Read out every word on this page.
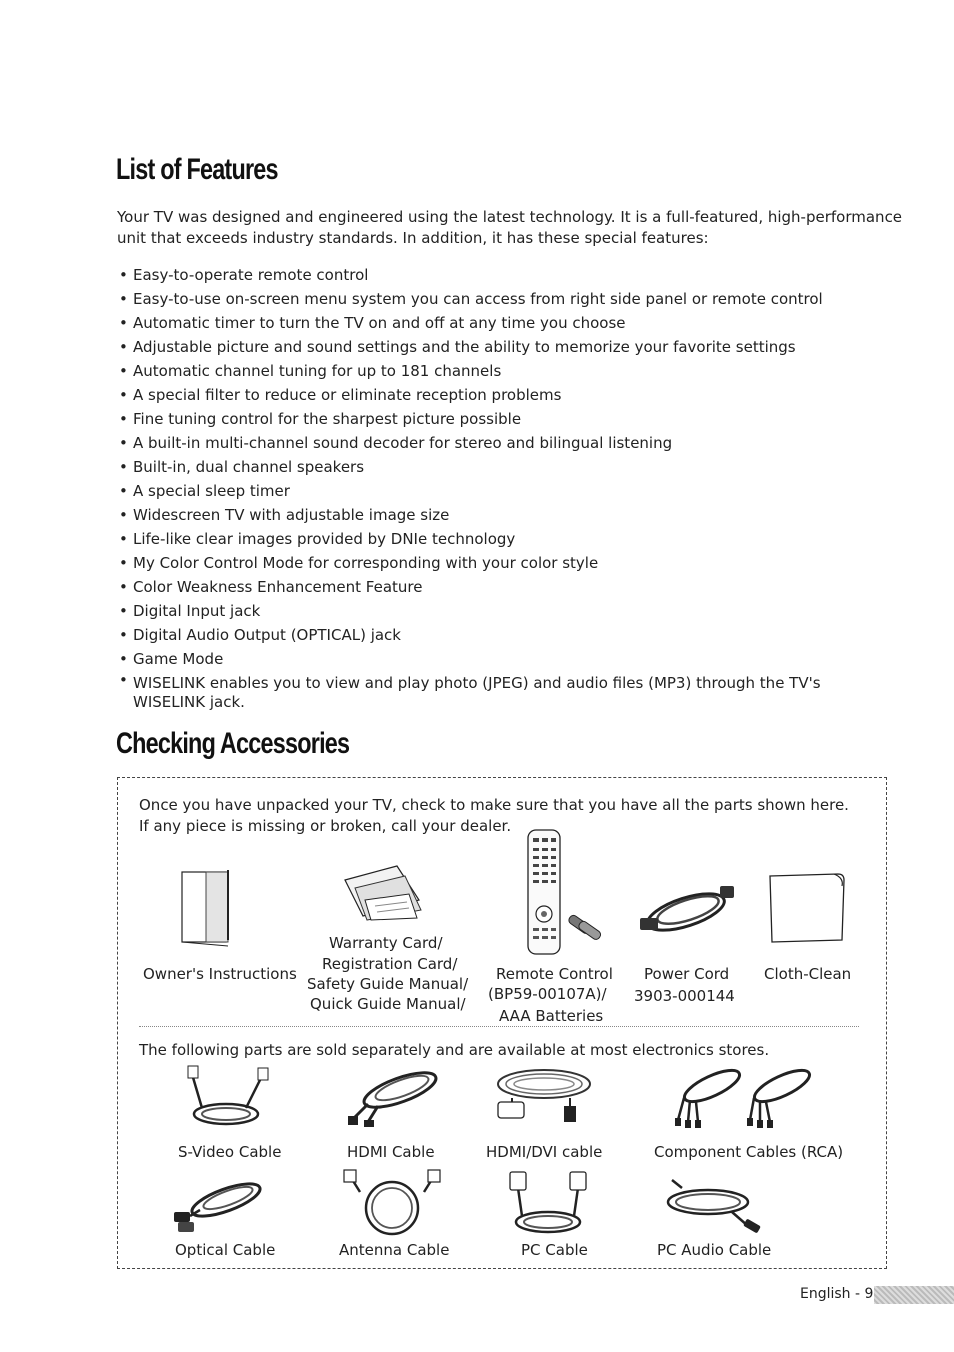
List of Features

Your TV was designed and engineered using the latest technology. It is a full-featured, high-performance unit that exceeds industry standards. In addition, it has these special features:

• Easy-to-operate remote control
• Easy-to-use on-screen menu system you can access from right side panel or remote control
• Automatic timer to turn the TV on and off at any time you choose
• Adjustable picture and sound settings and the ability to memorize your favorite settings
• Automatic channel tuning for up to 181 channels
• A special filter to reduce or eliminate reception problems
• Fine tuning control for the sharpest picture possible
• A built-in multi-channel sound decoder for stereo and bilingual listening
• Built-in, dual channel speakers
• A special sleep timer
• Widescreen TV with adjustable image size
• Life-like clear images provided by DNIe technology
• My Color Control Mode for corresponding with your color style
• Color Weakness Enhancement Feature
• Digital Input jack
• Digital Audio Output (OPTICAL) jack
• Game Mode
• WISELINK enables you to view and play photo (JPEG) and audio files (MP3) through the TV's WISELINK jack.
Checking Accessories

Once you have unpacked your TV, check to make sure that you have all the parts shown here. If any piece is missing or broken, call your dealer.

Owner's Instructions
Warranty Card/
Registration Card/
Safety Guide Manual/
Quick Guide Manual/
Remote Control
(BP59-00107A)/
AAA Batteries
Power Cord
3903-000144
Cloth-Clean

The following parts are sold separately and are available at most electronics stores.

S-Video Cable	HDMI Cable	HDMI/DVI cable	Component Cables (RCA)
Optical Cable	Antenna Cable	PC Cable	PC Audio Cable
English - 9
